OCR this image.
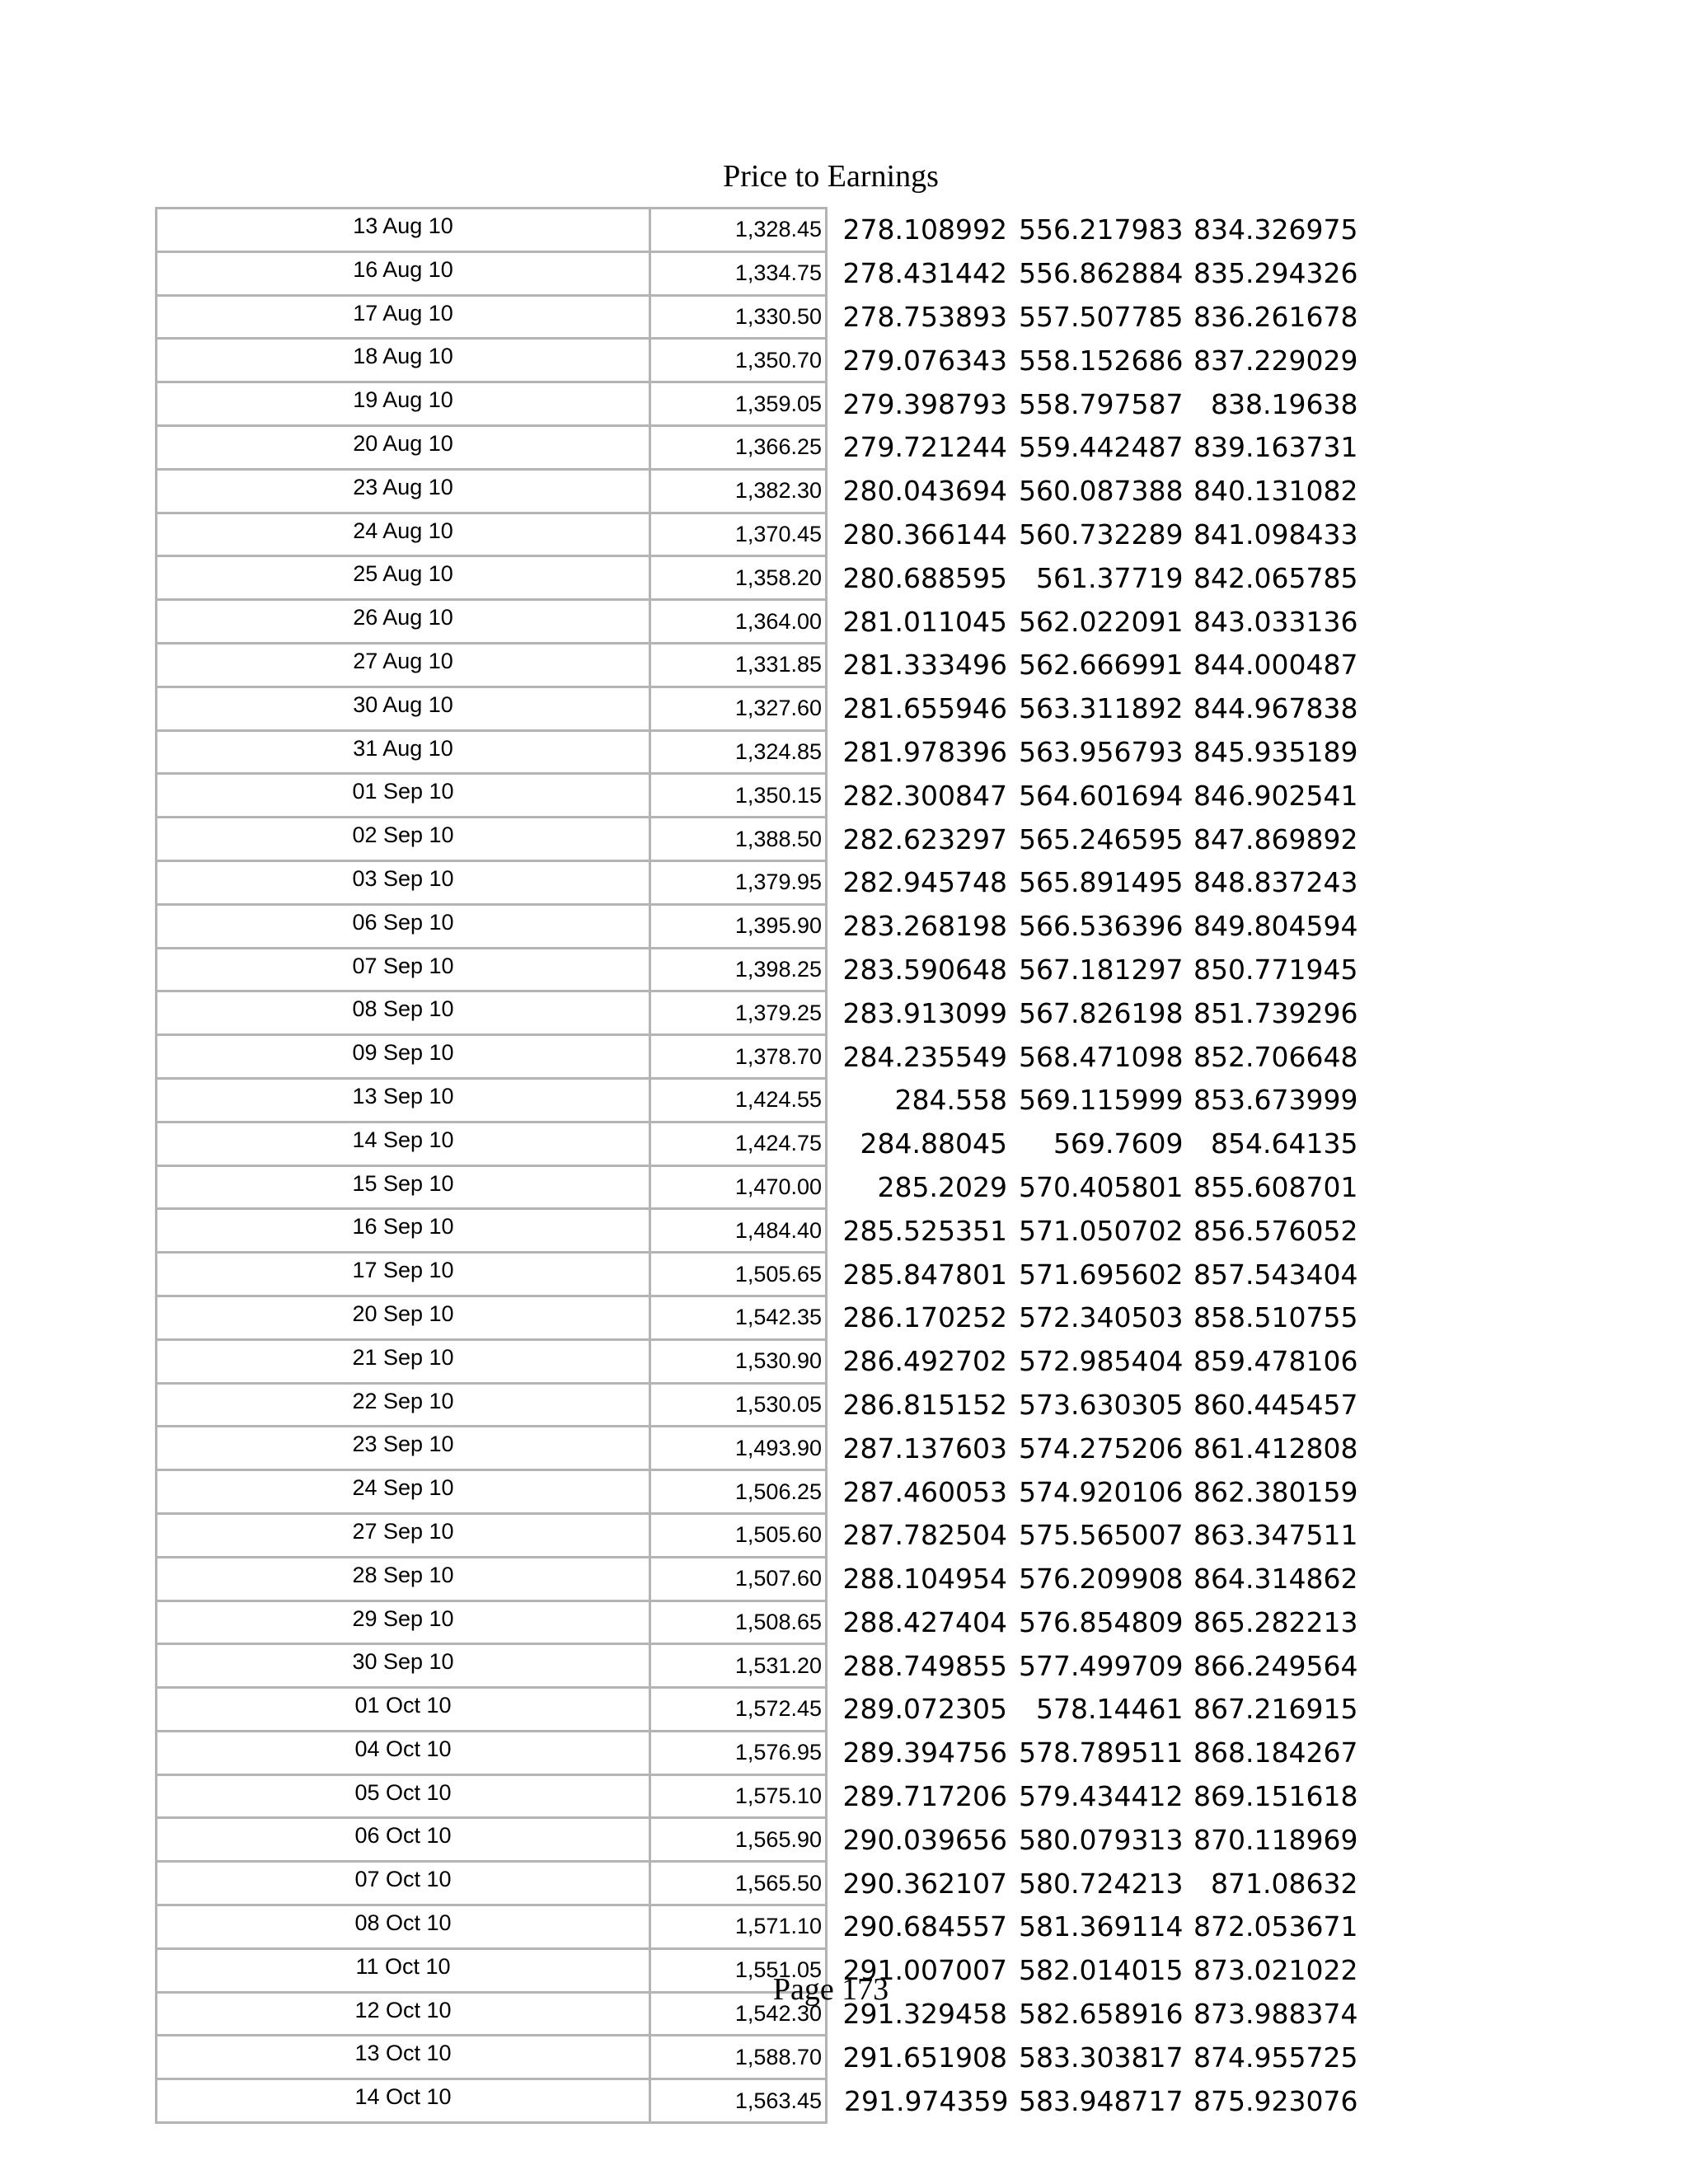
Price to Earnings
13 Aug 10	1,328.45	278.108992	556.217983	834.326975
16 Aug 10	1,334.75	278.431442	556.862884	835.294326
17 Aug 10	1,330.50	278.753893	557.507785	836.261678
18 Aug 10	1,350.70	279.076343	558.152686	837.229029
19 Aug 10	1,359.05	279.398793	558.797587	838.19638
20 Aug 10	1,366.25	279.721244	559.442487	839.163731
23 Aug 10	1,382.30	280.043694	560.087388	840.131082
24 Aug 10	1,370.45	280.366144	560.732289	841.098433
25 Aug 10	1,358.20	280.688595	561.37719	842.065785
26 Aug 10	1,364.00	281.011045	562.022091	843.033136
27 Aug 10	1,331.85	281.333496	562.666991	844.000487
30 Aug 10	1,327.60	281.655946	563.311892	844.967838
31 Aug 10	1,324.85	281.978396	563.956793	845.935189
01 Sep 10	1,350.15	282.300847	564.601694	846.902541
02 Sep 10	1,388.50	282.623297	565.246595	847.869892
03 Sep 10	1,379.95	282.945748	565.891495	848.837243
06 Sep 10	1,395.90	283.268198	566.536396	849.804594
07 Sep 10	1,398.25	283.590648	567.181297	850.771945
08 Sep 10	1,379.25	283.913099	567.826198	851.739296
09 Sep 10	1,378.70	284.235549	568.471098	852.706648
13 Sep 10	1,424.55	284.558	569.115999	853.673999
14 Sep 10	1,424.75	284.88045	569.7609	854.64135
15 Sep 10	1,470.00	285.2029	570.405801	855.608701
16 Sep 10	1,484.40	285.525351	571.050702	856.576052
17 Sep 10	1,505.65	285.847801	571.695602	857.543404
20 Sep 10	1,542.35	286.170252	572.340503	858.510755
21 Sep 10	1,530.90	286.492702	572.985404	859.478106
22 Sep 10	1,530.05	286.815152	573.630305	860.445457
23 Sep 10	1,493.90	287.137603	574.275206	861.412808
24 Sep 10	1,506.25	287.460053	574.920106	862.380159
27 Sep 10	1,505.60	287.782504	575.565007	863.347511
28 Sep 10	1,507.60	288.104954	576.209908	864.314862
29 Sep 10	1,508.65	288.427404	576.854809	865.282213
30 Sep 10	1,531.20	288.749855	577.499709	866.249564
01 Oct 10	1,572.45	289.072305	578.14461	867.216915
04 Oct 10	1,576.95	289.394756	578.789511	868.184267
05 Oct 10	1,575.10	289.717206	579.434412	869.151618
06 Oct 10	1,565.90	290.039656	580.079313	870.118969
07 Oct 10	1,565.50	290.362107	580.724213	871.08632
08 Oct 10	1,571.10	290.684557	581.369114	872.053671
11 Oct 10	1,551.05	291.007007	582.014015	873.021022
12 Oct 10	1,542.30	291.329458	582.658916	873.988374
13 Oct 10	1,588.70	291.651908	583.303817	874.955725
14 Oct 10	1,563.45	291.974359	583.948717	875.923076
Page 173
